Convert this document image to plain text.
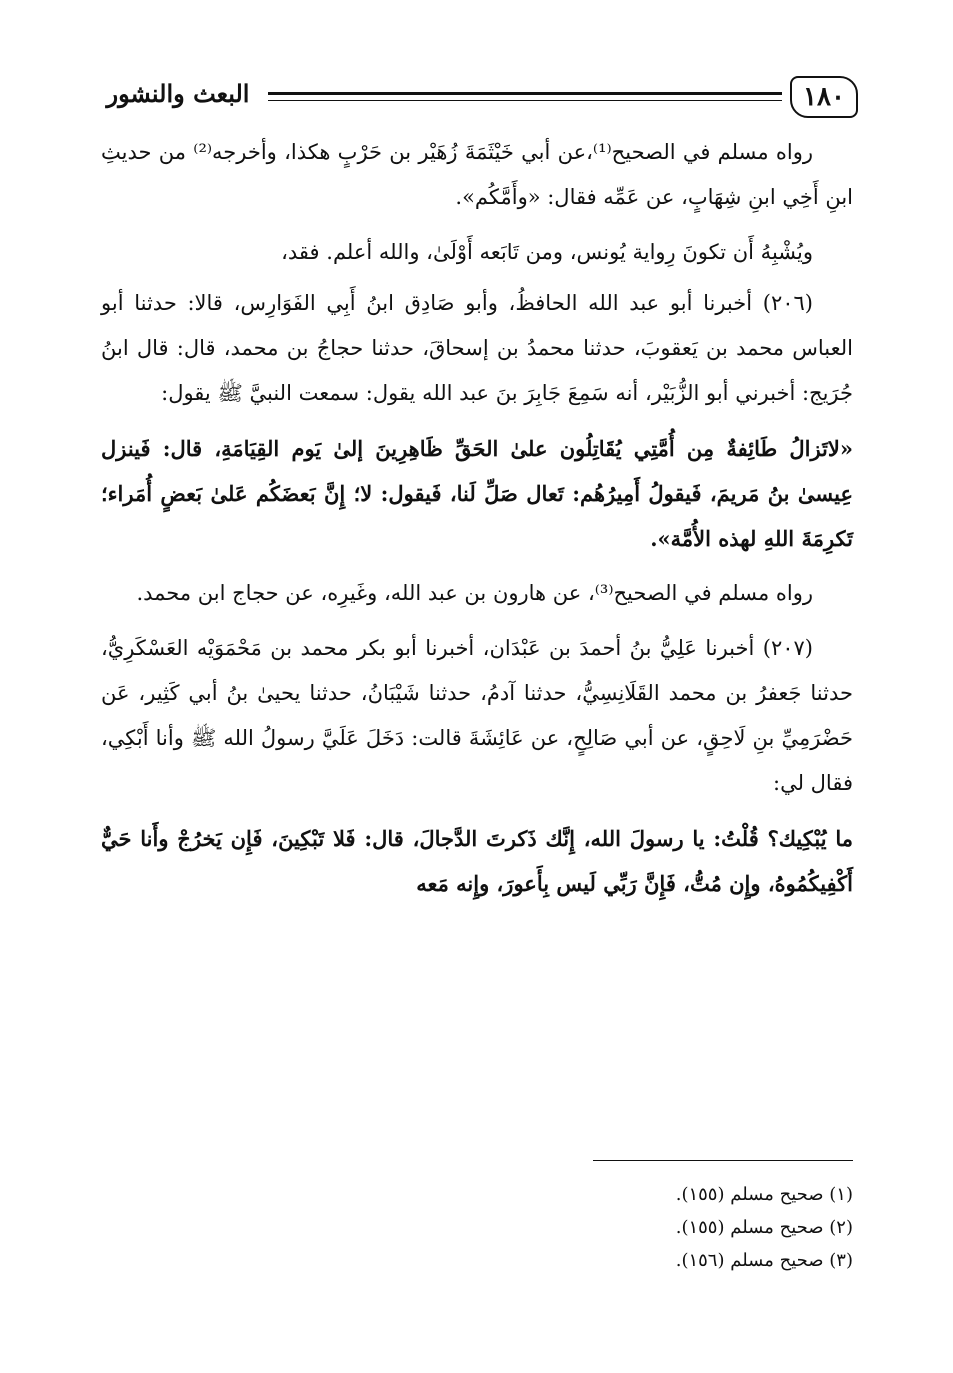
١٨٠
البعث والنشور

رواه مسلم في الصحيح⁽¹⁾،عن أبي خَيْثَمَةَ زُهَيْر بن حَرْبٍ هكذا، وأخرجه⁽²⁾ من حديثِ ابنِ أَخِي ابنِ شِهَابٍ، عن عَمِّه فقال: «وأَمَّكُم».

ويُشْبِهُ أَن تكونَ رِواية يُونس، ومن تَابَعه أَوْلَىٰ، والله أعلم. فقد،

(٢٠٦) أخبرنا أبو عبد الله الحافظُ، وأبو صَادِق ابنُ أَبِي الفَوَارِس، قالا: حدثنا أبو العباس محمد بن يَعقوبَ، حدثنا محمدُ بن إسحاقَ، حدثنا حجاجُ بن محمد، قال: قال ابنُ جُرَيج: أخبرني أبو الزُّبَيْر، أنه سَمِعَ جَابِرَ بنَ عبد الله يقول: سمعت النبيَّ ﷺ يقول:

«لاتَزالُ طَائِفةٌ مِن أُمَّتِي يُقَاتِلُون علىٰ الحَقِّ ظَاهِرِينَ إلىٰ يَوم القِيَامَةِ، قال: فَينزل عِيسىٰ بنُ مَريمَ، فَيقولُ أَمِيرُهُم: تَعال صَلِّ لَنا، فَيقول: لا؛ إِنَّ بَعضَكُم عَلىٰ بَعضٍ أُمَراء؛ تَكرِمَةَ اللهِ لهذه الأُمَّة».

رواه مسلم في الصحيح⁽³⁾، عن هارون بن عبد الله، وغَيرِه، عن حجاج ابن محمد.

(٢٠٧) أخبرنا عَلِيُّ بنُ أحمدَ بن عَبْدَان، أخبرنا أبو بكر محمد بن مَحْمَوَيْه العَسْكَرِيُّ، حدثنا جَعفرُ بن محمد القَلَانِسِيُّ، حدثنا آدمُ، حدثنا شَيْبَانُ، حدثنا يحيىٰ بنُ أبي كَثِير، عَن حَضْرَمِيِّ بنِ لَاحِقٍ، عن أبي صَالِحٍ، عن عَائِشَةَ قالت: دَخَلَ عَلَيَّ رسولُ الله ﷺ وأنا أَبْكِي، فقال لي:

ما يُبْكِيك؟ قُلْتُ: يا رسولَ الله، إِنَّك ذَكرتَ الدَّجالَ، قال: فَلا تَبْكِينَ، فَإِن يَخرُجْ وأَنا حَيٌّ أَكْفِيكُمُوهُ، وإِن مُتُّ، فَإِنَّ رَبِّي لَيس بِأَعورَ، وإِنه مَعه

(١) صحيح مسلم (١٥٥).

(٢) صحيح مسلم (١٥٥).

(٣) صحيح مسلم (١٥٦).
